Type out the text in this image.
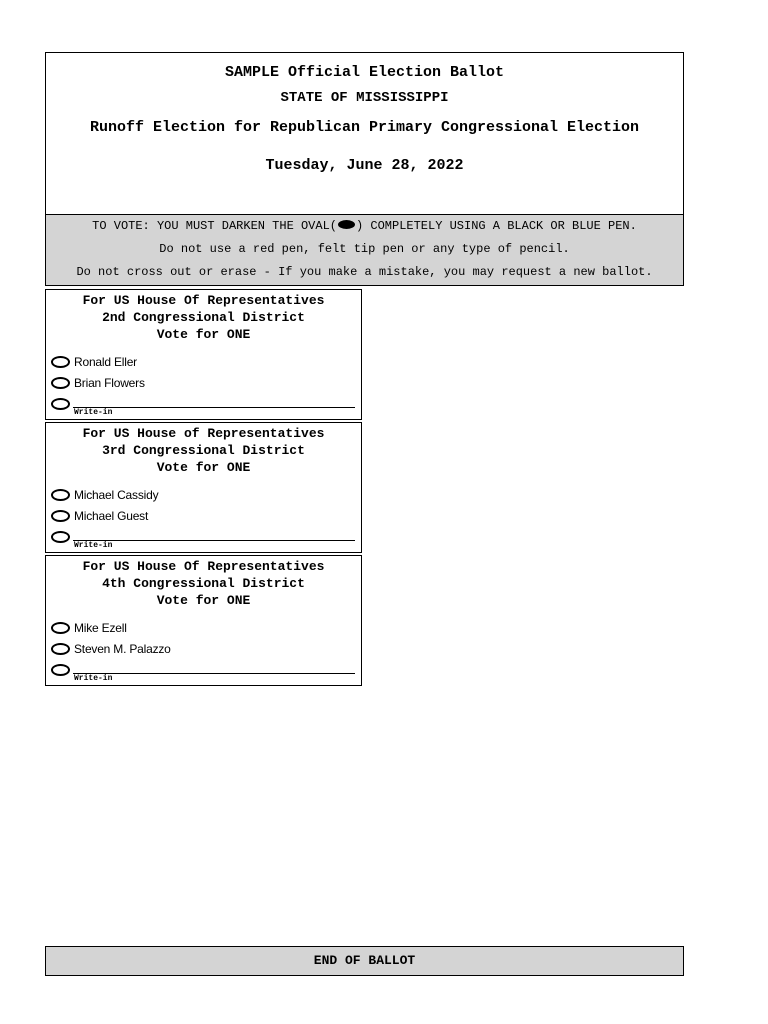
SAMPLE Official Election Ballot
STATE OF MISSISSIPPI
Runoff Election for Republican Primary Congressional Election
Tuesday, June 28, 2022
TO VOTE: YOU MUST DARKEN THE OVAL( ) COMPLETELY USING A BLACK OR BLUE PEN.
Do not use a red pen, felt tip pen or any type of pencil.
Do not cross out or erase - If you make a mistake, you may request a new ballot.
For US House Of Representatives
2nd Congressional District
Vote for ONE
Ronald Eller
Brian Flowers
Write-in
For US House of Representatives
3rd Congressional District
Vote for ONE
Michael Cassidy
Michael Guest
Write-in
For US House Of Representatives
4th Congressional District
Vote for ONE
Mike Ezell
Steven M. Palazzo
Write-in
END OF BALLOT
